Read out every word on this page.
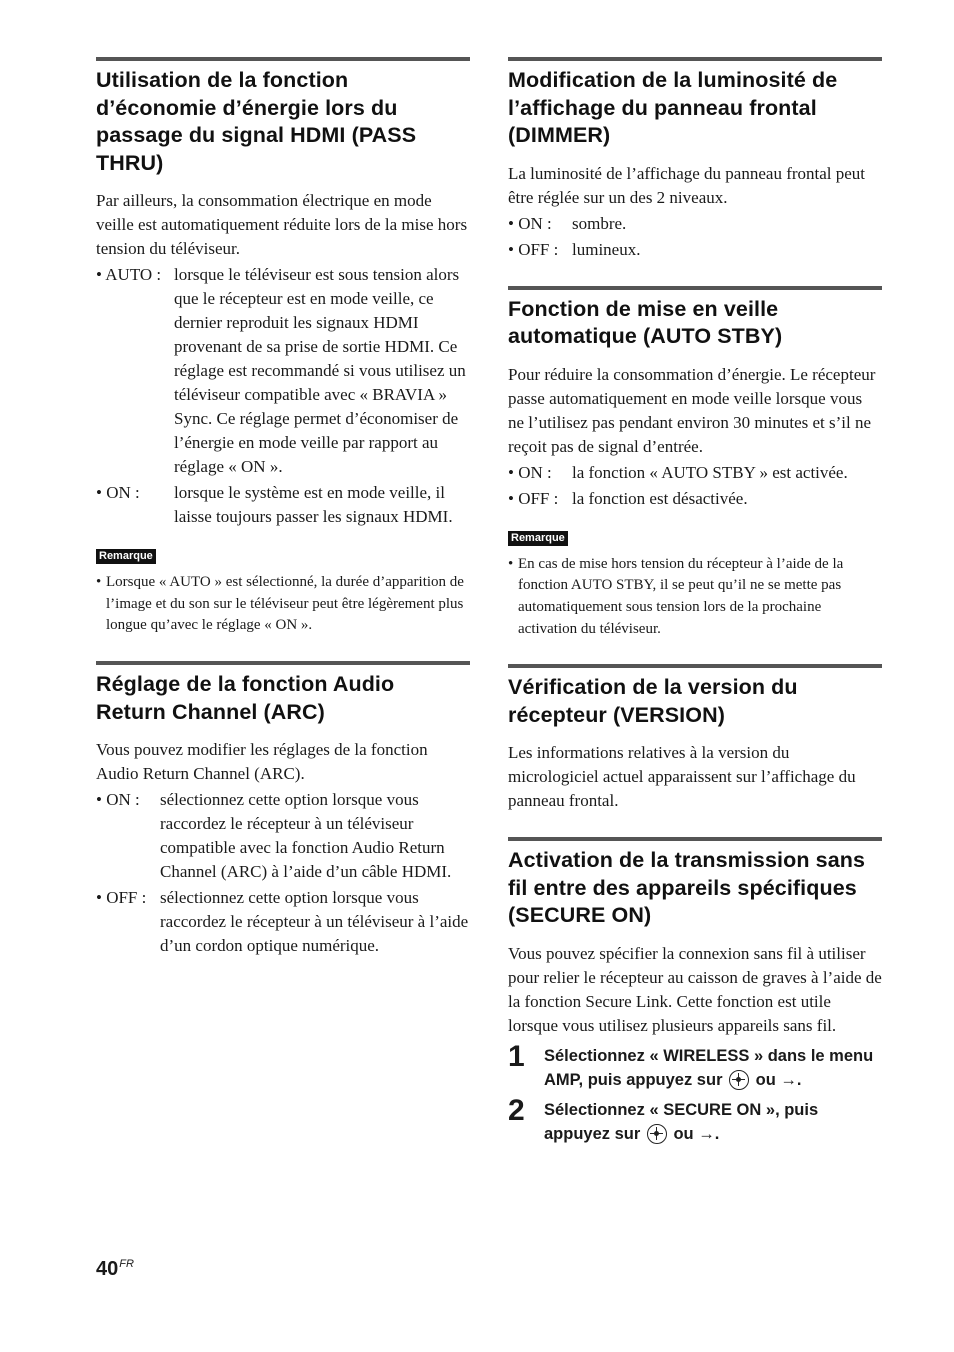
Utilisation de la fonction d’économie d’énergie lors du passage du signal HDMI (PASS THRU)

Par ailleurs, la consommation électrique en mode veille est automatiquement réduite lors de la mise hors tension du téléviseur.

• AUTO : lorsque le téléviseur est sous tension alors que le récepteur est en mode veille, ce dernier reproduit les signaux HDMI provenant de sa prise de sortie HDMI. Ce réglage est recommandé si vous utilisez un téléviseur compatible avec « BRAVIA » Sync. Ce réglage permet d’économiser de l’énergie en mode veille par rapport au réglage « ON ».
• ON :	lorsque le système est en mode veille, il laisse toujours passer les signaux HDMI.
Remarque
• Lorsque « AUTO » est sélectionné, la durée d’apparition de l’image et du son sur le téléviseur peut être légèrement plus longue qu’avec le réglage « ON ».
Réglage de la fonction Audio Return Channel (ARC)

Vous pouvez modifier les réglages de la fonction Audio Return Channel (ARC).

• ON :	sélectionnez cette option lorsque vous raccordez le récepteur à un téléviseur compatible avec la fonction Audio Return Channel (ARC) à l’aide d’un câble HDMI.
• OFF : sélectionnez cette option lorsque vous raccordez le récepteur à un téléviseur à l’aide d’un cordon optique numérique.
Modification de la luminosité de l’affichage du panneau frontal (DIMMER)

La luminosité de l’affichage du panneau frontal peut être réglée sur un des 2 niveaux.

• ON :	sombre.
• OFF : lumineux.
Fonction de mise en veille automatique (AUTO STBY)

Pour réduire la consommation d’énergie. Le récepteur passe automatiquement en mode veille lorsque vous ne l’utilisez pas pendant environ 30 minutes et s’il ne reçoit pas de signal d’entrée.

• ON :	la fonction « AUTO STBY » est activée.
• OFF : la fonction est désactivée.
Remarque
• En cas de mise hors tension du récepteur à l’aide de la fonction AUTO STBY, il se peut qu’il ne se mette pas automatiquement sous tension lors de la prochaine activation du téléviseur.
Vérification de la version du récepteur (VERSION)

Les informations relatives à la version du micrologiciel actuel apparaissent sur l’affichage du panneau frontal.

Activation de la transmission sans fil entre des appareils spécifiques (SECURE ON)

Vous pouvez spécifier la connexion sans fil à utiliser pour relier le récepteur au caisson de graves à l’aide de la fonction Secure Link. Cette fonction est utile lorsque vous utilisez plusieurs appareils sans fil.

1	Sélectionnez « WIRELESS » dans le menu AMP, puis appuyez sur
ou →.
2	Sélectionnez « SECURE ON », puis appuyez sur
ou →.
$40^{FR}$
